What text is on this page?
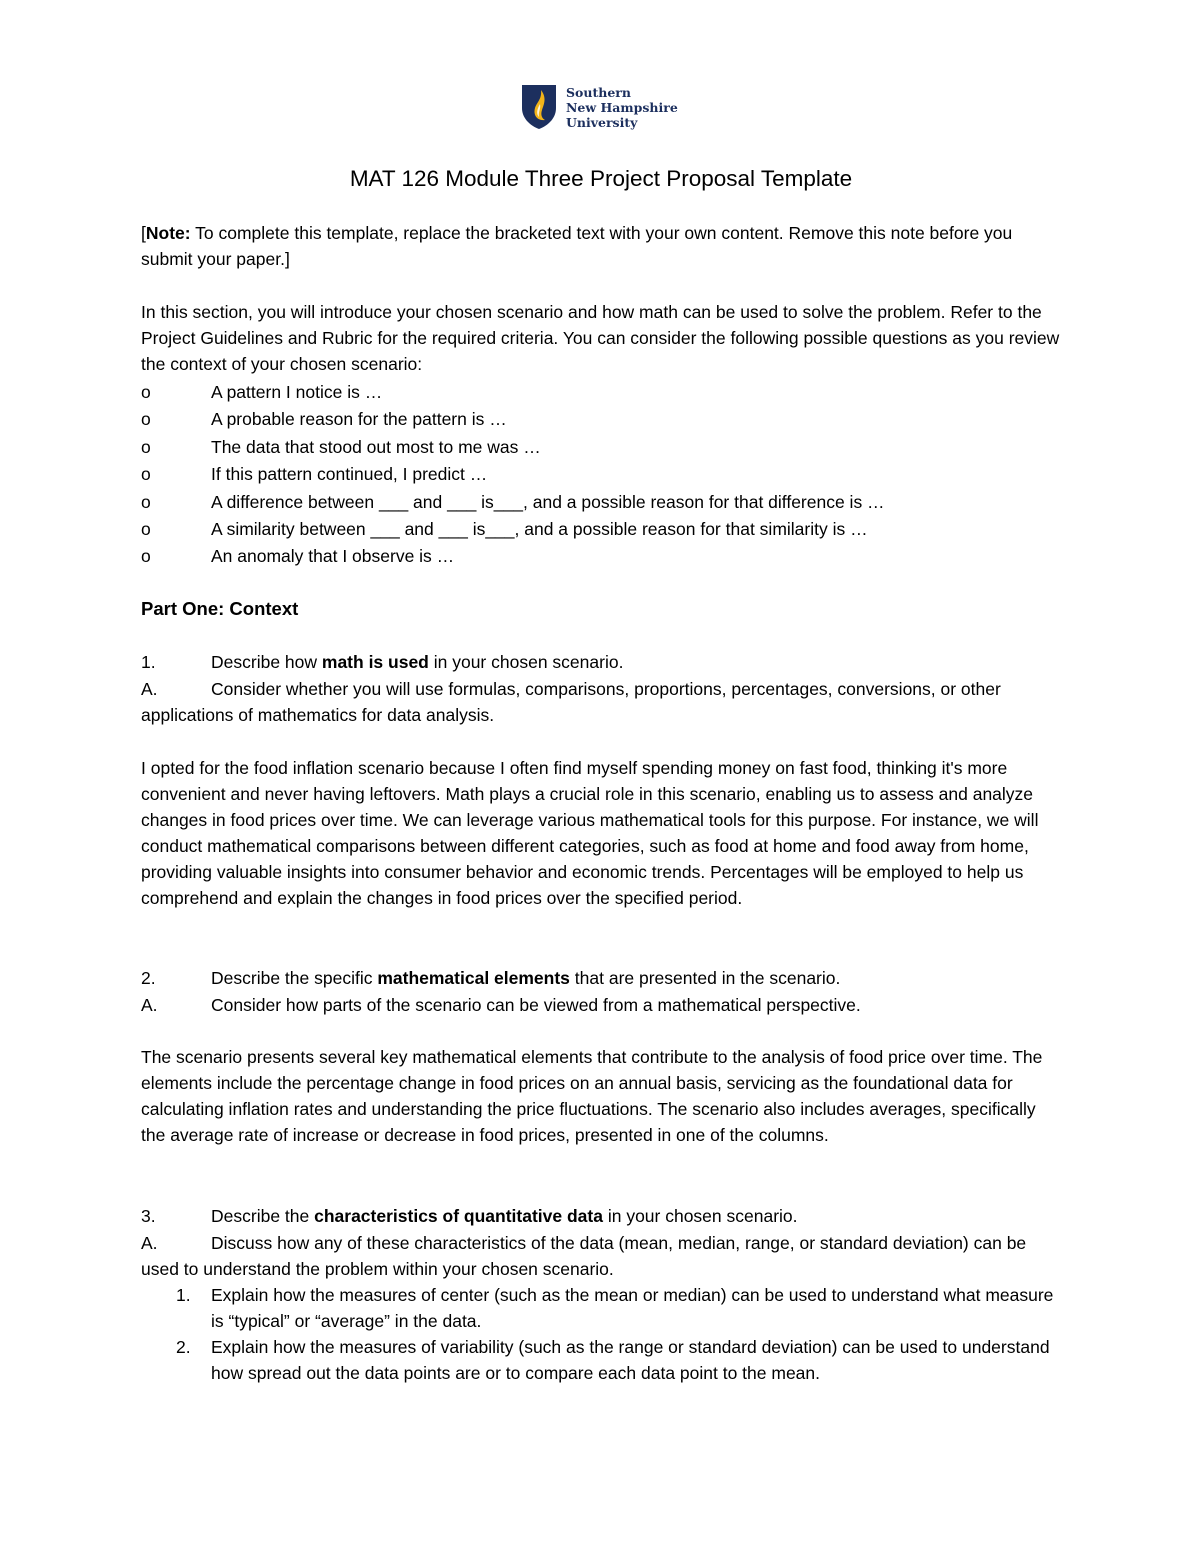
Southern
New Hampshire
University
MAT 126 Module Three Project Proposal Template

[Note: To complete this template, replace the bracketed text with your own content. Remove this note before you submit your paper.]

In this section, you will introduce your chosen scenario and how math can be used to solve the problem. Refer to the Project Guidelines and Rubric for the required criteria. You can consider the following possible questions as you review the context of your chosen scenario:

o	A pattern I notice is …
o	A probable reason for the pattern is …
o	The data that stood out most to me was …
o	If this pattern continued, I predict …
o	A difference between ___ and ___ is___, and a possible reason for that difference is …
o	A similarity between ___ and ___ is___, and a possible reason for that similarity is …
o	An anomaly that I observe is …

Part One: Context

1.	Describe how math is used in your chosen scenario.

A.	Consider whether you will use formulas, comparisons, proportions, percentages, conversions, or other applications of mathematics for data analysis.

I opted for the food inflation scenario because I often find myself spending money on fast food, thinking it's more convenient and never having leftovers. Math plays a crucial role in this scenario, enabling us to assess and analyze changes in food prices over time. We can leverage various mathematical tools for this purpose. For instance, we will conduct mathematical comparisons between different categories, such as food at home and food away from home, providing valuable insights into consumer behavior and economic trends. Percentages will be employed to help us comprehend and explain the changes in food prices over the specified period.

2.	Describe the specific mathematical elements that are presented in the scenario.

A.	Consider how parts of the scenario can be viewed from a mathematical perspective.

The scenario presents several key mathematical elements that contribute to the analysis of food price over time. The elements include the percentage change in food prices on an annual basis, servicing as the foundational data for calculating inflation rates and understanding the price fluctuations. The scenario also includes averages, specifically the average rate of increase or decrease in food prices, presented in one of the columns.

3.	Describe the characteristics of quantitative data in your chosen scenario.

A.	Discuss how any of these characteristics of the data (mean, median, range, or standard deviation) can be used to understand the problem within your chosen scenario.

1. Explain how the measures of center (such as the mean or median) can be used to understand what measure is “typical” or “average” in the data.

2. Explain how the measures of variability (such as the range or standard deviation) can be used to understand how spread out the data points are or to compare each data point to the mean.
